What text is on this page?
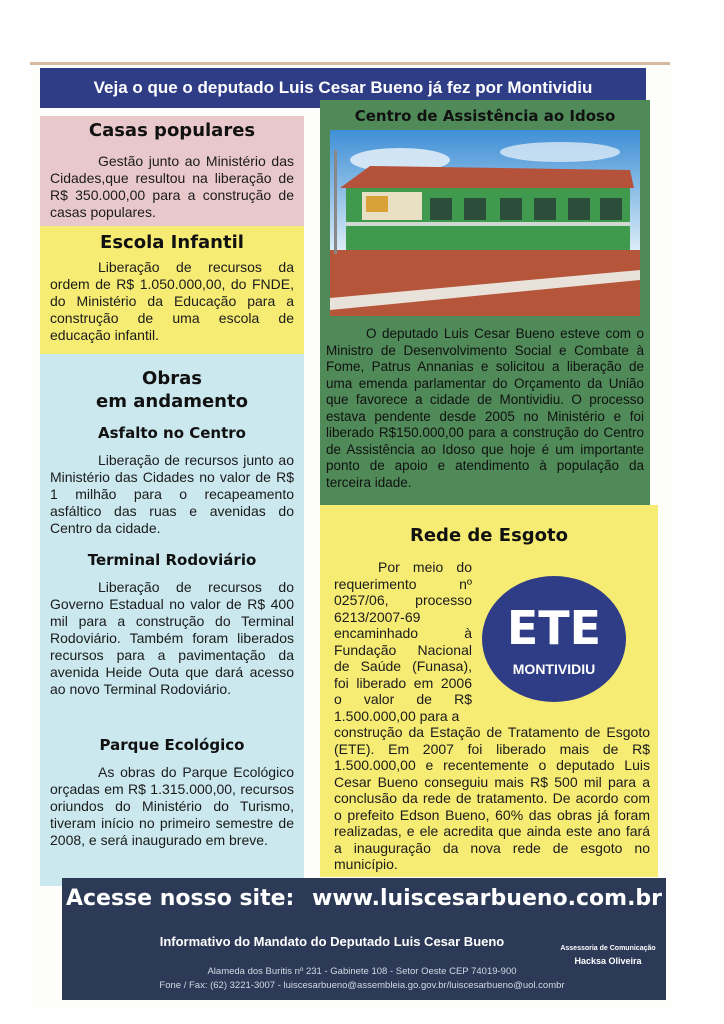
Veja o que o deputado Luis Cesar Bueno já fez por Montividiu
Casas populares

Gestão junto ao Ministério das Cidades,que resultou na liberação de R$ 350.000,00 para a construção de casas populares.

Escola Infantil

Liberação de recursos da ordem de R$ 1.050.000,00, do FNDE, do Ministério da Educação para a construção de uma escola de educação infantil.

Obras
em andamento
Asfalto no Centro

Liberação de recursos junto ao Ministério das Cidades no valor de R$ 1 milhão para o recapeamento asfáltico das ruas e avenidas do Centro da cidade.

Terminal Rodoviário

Liberação de recursos do Governo Estadual no valor de R$ 400 mil para a construção do Terminal Rodoviário. Também foram liberados recursos para a pavimentação da avenida Heide Outa que dará acesso ao novo Terminal Rodoviário.

Parque Ecológico

As obras do Parque Ecológico orçadas em R$ 1.315.000,00, recursos oriundos do Ministério do Turismo, tiveram início no primeiro semestre de 2008, e será inaugurado em breve.

Centro de Assistência ao Idoso

O deputado Luis Cesar Bueno esteve com o Ministro de Desenvolvimento Social e Combate à Fome, Patrus Annanias e solicitou a liberação de uma emenda parlamentar do Orçamento da União que favorece a cidade de Montividiu. O processo estava pendente desde 2005 no Ministério e foi liberado R$150.000,00 para a construção do Centro de Assistência ao Idoso que hoje é um importante ponto de apoio e atendimento à população da terceira idade.

Rede de Esgoto

Por meio do requerimento nº 0257/06, processo 6213/2007-69 encaminhado à Fundação Nacional de Saúde (Funasa), foi liberado em 2006 o valor de R$ 1.500.000,00 para a

construção da Estação de Tratamento de Esgoto (ETE). Em 2007 foi liberado mais de R$ 1.500.000,00 e recentemente o deputado Luis Cesar Bueno conseguiu mais R$ 500 mil para a conclusão da rede de tratamento. De acordo com o prefeito Edson Bueno, 60% das obras já foram realizadas, e ele acredita que ainda este ano fará a inauguração da nova rede de esgoto no município.

ETE
MONTIVIDIU
Acesse nosso site: www.luiscesarbueno.com.br
Informativo do Mandato do Deputado Luis Cesar Bueno	Assessoria de Comunicação
Hacksa Oliveira
Alameda dos Buritis nº 231 - Gabinete 108 - Setor Oeste CEP 74019-900
Fone / Fax: (62) 3221-3007 - luiscesarbueno@assembleia.go.gov.br/luiscesarbueno@uol.combr
